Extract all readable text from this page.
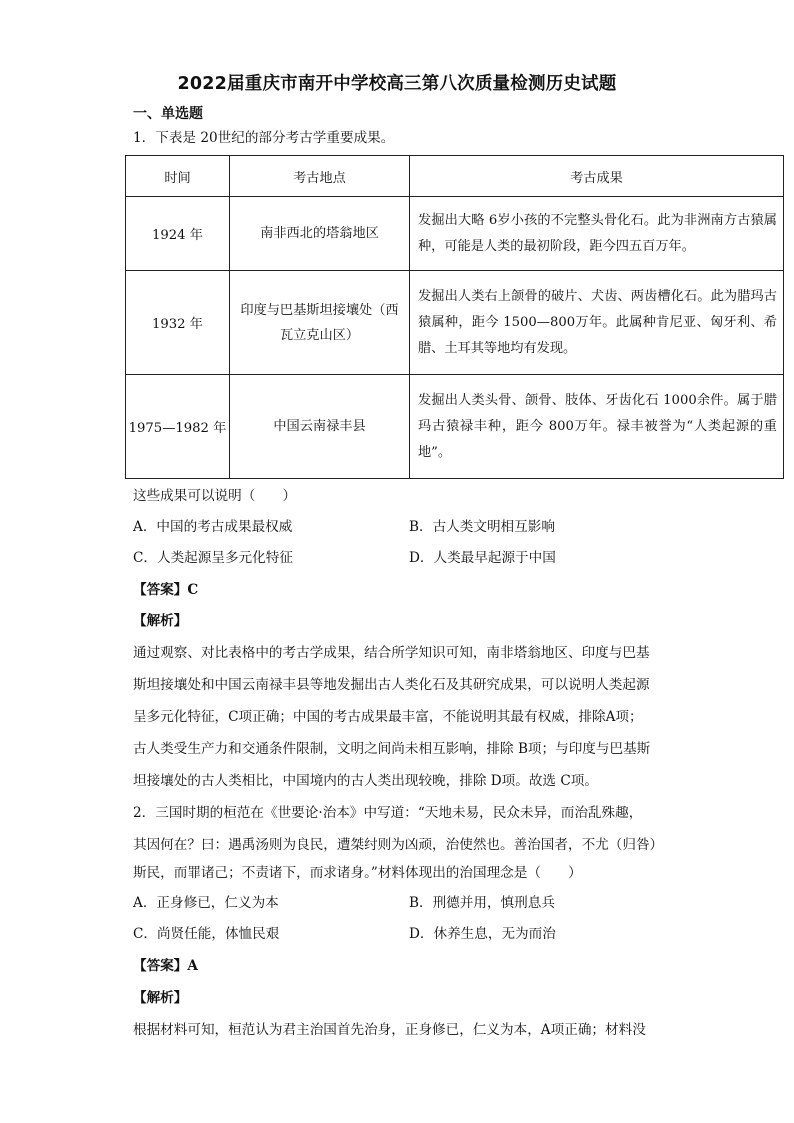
2022届重庆市南开中学校高三第八次质量检测历史试题
一、单选题
1．下表是 20世纪的部分考古学重要成果。
时间	考古地点	考古成果
1924 年	南非西北的塔翁地区	发掘出大略 6岁小孩的不完整头骨化石。此为非洲南方古猿属种，可能是人类的最初阶段，距今四五百万年。
1932 年	印度与巴基斯坦接壤处（西瓦立克山区）	发掘出人类右上颌骨的破片、犬齿、两齿槽化石。此为腊玛古猿属种，距今 1500—800万年。此属种肯尼亚、匈牙利、希腊、土耳其等地均有发现。
1975—1982 年	中国云南禄丰县	发掘出人类头骨、颌骨、肢体、牙齿化石 1000余件。属于腊玛古猿禄丰种，距今 800万年。禄丰被誉为“人类起源的重地”。
这些成果可以说明（　　）
A．中国的考古成果最权威	B．古人类文明相互影响
C．人类起源呈多元化特征	D．人类最早起源于中国
【答案】C
【解析】
通过观察、对比表格中的考古学成果，结合所学知识可知，南非塔翁地区、印度与巴基
斯坦接壤处和中国云南禄丰县等地发掘出古人类化石及其研究成果，可以说明人类起源
呈多元化特征，C项正确；中国的考古成果最丰富，不能说明其最有权威，排除A项；
古人类受生产力和交通条件限制，文明之间尚未相互影响，排除 B项；与印度与巴基斯
坦接壤处的古人类相比，中国境内的古人类出现较晚，排除 D项。故选 C项。
2．三国时期的桓范在《世要论·治本》中写道：“天地未易，民众未异，而治乱殊趣，
其因何在？曰：遇禹汤则为良民，遭桀纣则为凶顽，治使然也。善治国者，不尤（归咎）
斯民，而罪诸己；不责诸下，而求诸身。”材料体现出的治国理念是（　　）
A．正身修已，仁义为本	B．刑德并用，慎刑息兵
C．尚贤任能，体恤民艰	D．休养生息，无为而治
【答案】A
【解析】
根据材料可知，桓范认为君主治国首先治身，正身修已，仁义为本，A项正确；材料没
